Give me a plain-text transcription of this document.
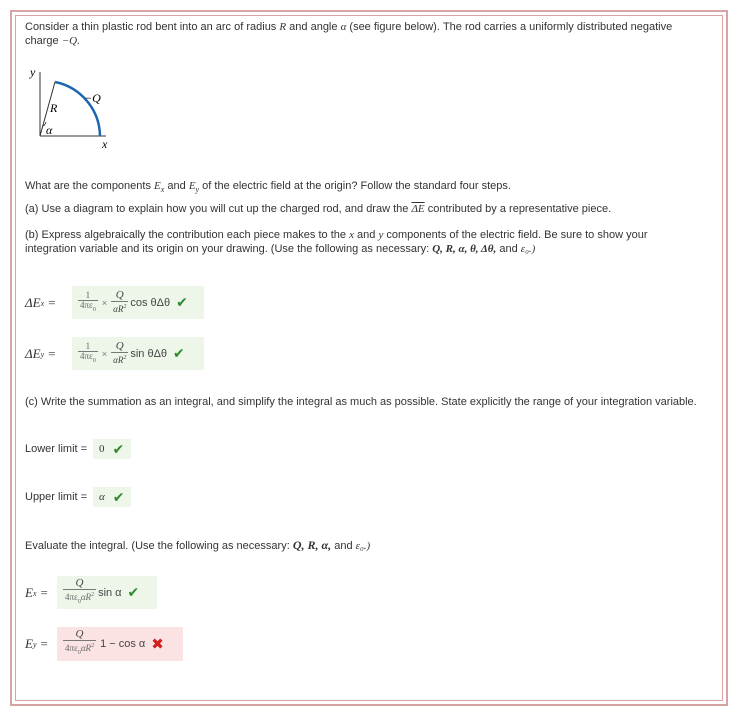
Consider a thin plastic rod bent into an arc of radius R and angle α (see figure below). The rod carries a uniformly distributed negative
charge −Q.
y
x
R
α
−Q
What are the components $E_x$ and $E_y$ of the electric field at the origin? Follow the standard four steps.
(a) Use a diagram to explain how you will cut up the charged rod, and draw the $\overline{\Delta E}$ contributed by a representative piece.
(b) Express algebraically the contribution each piece makes to the x and y components of the electric field. Be sure to show your
integration variable and its origin on your drawing. (Use the following as necessary: Q, R, α, θ, Δθ, and ε₀.)
ΔE x =	$\frac{1}{4\pi\varepsilon_0} \times \frac{Q}{\alpha R^2}$ cos θΔθ ✔
ΔE y =	$\frac{1}{4\pi\varepsilon_0} \times \frac{Q}{\alpha R^2}$ sin θΔθ ✔
(c) Write the summation as an integral, and simplify the integral as much as possible. State explicitly the range of your integration variable.
Lower limit = 0 ✔
Upper limit = α ✔
Evaluate the integral. (Use the following as necessary: Q, R, α, and ε₀.)
E $x = \frac{Q}{4\pi\varepsilon_0\alpha R^2}$ sin α ✔
E $y = \frac{Q}{4\pi\varepsilon_0\alpha R^2} 1 - \cos \alpha$ ✖
